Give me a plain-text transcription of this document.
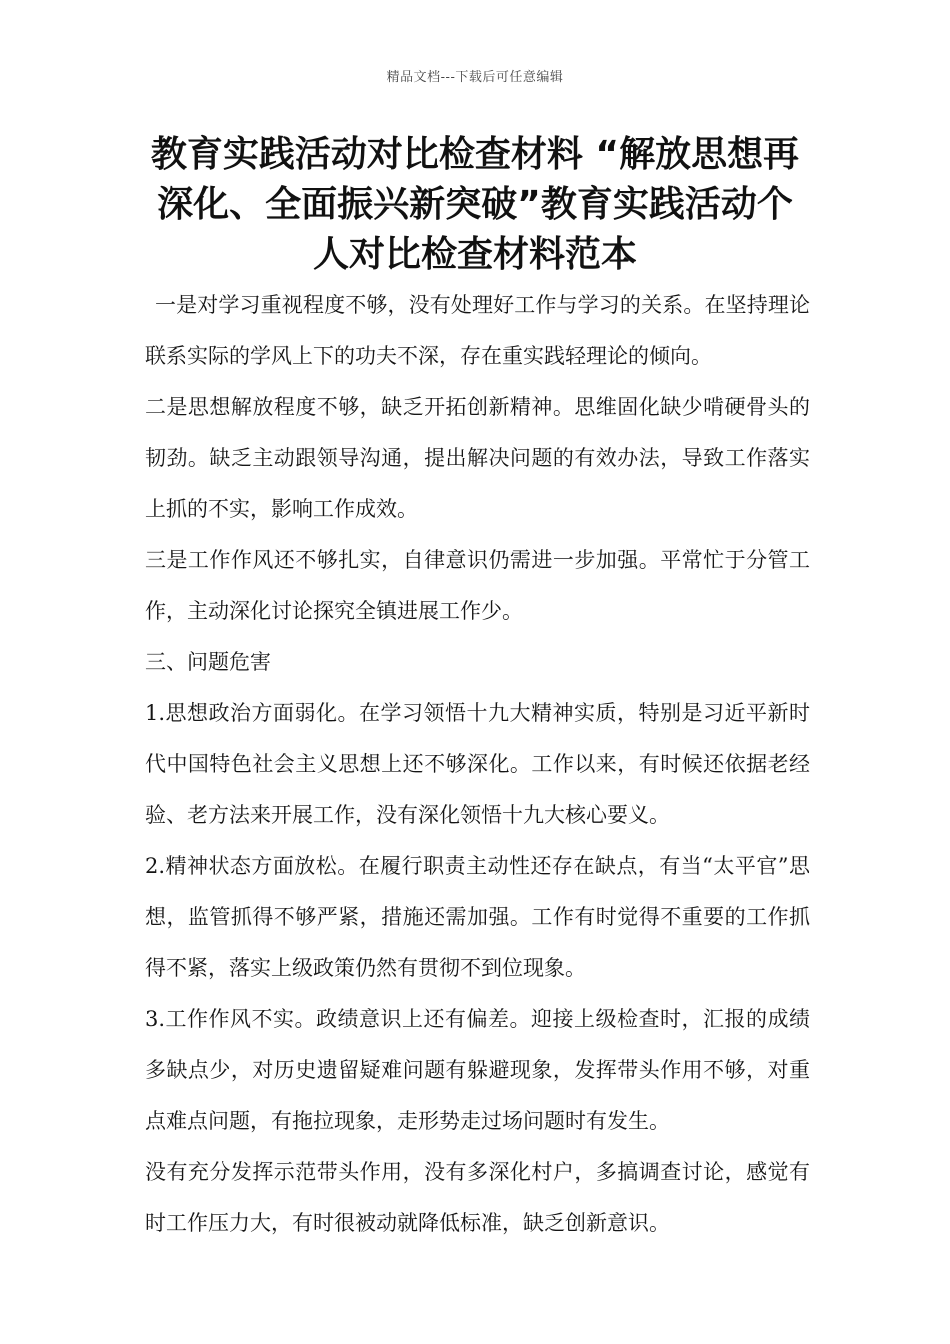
精品文档---下载后可任意编辑
教育实践活动对比检查材料 “解放思想再深化、全面振兴新突破”教育实践活动个人对比检查材料范本

一是对学习重视程度不够，没有处理好工作与学习的关系。在坚持理论联系实际的学风上下的功夫不深，存在重实践轻理论的倾向。

二是思想解放程度不够，缺乏开拓创新精神。思维固化缺少啃硬骨头的韧劲。缺乏主动跟领导沟通，提出解决问题的有效办法，导致工作落实上抓的不实，影响工作成效。

三是工作作风还不够扎实，自律意识仍需进一步加强。平常忙于分管工作，主动深化讨论探究全镇进展工作少。

三、问题危害

1.思想政治方面弱化。在学习领悟十九大精神实质，特别是习近平新时代中国特色社会主义思想上还不够深化。工作以来，有时候还依据老经验、老方法来开展工作，没有深化领悟十九大核心要义。

2.精神状态方面放松。在履行职责主动性还存在缺点，有当“太平官”思想，监管抓得不够严紧，措施还需加强。工作有时觉得不重要的工作抓得不紧，落实上级政策仍然有贯彻不到位现象。

3.工作作风不实。政绩意识上还有偏差。迎接上级检查时，汇报的成绩多缺点少，对历史遗留疑难问题有躲避现象，发挥带头作用不够，对重点难点问题，有拖拉现象，走形势走过场问题时有发生。

没有充分发挥示范带头作用，没有多深化村户，多搞调查讨论，感觉有时工作压力大，有时很被动就降低标准，缺乏创新意识。
